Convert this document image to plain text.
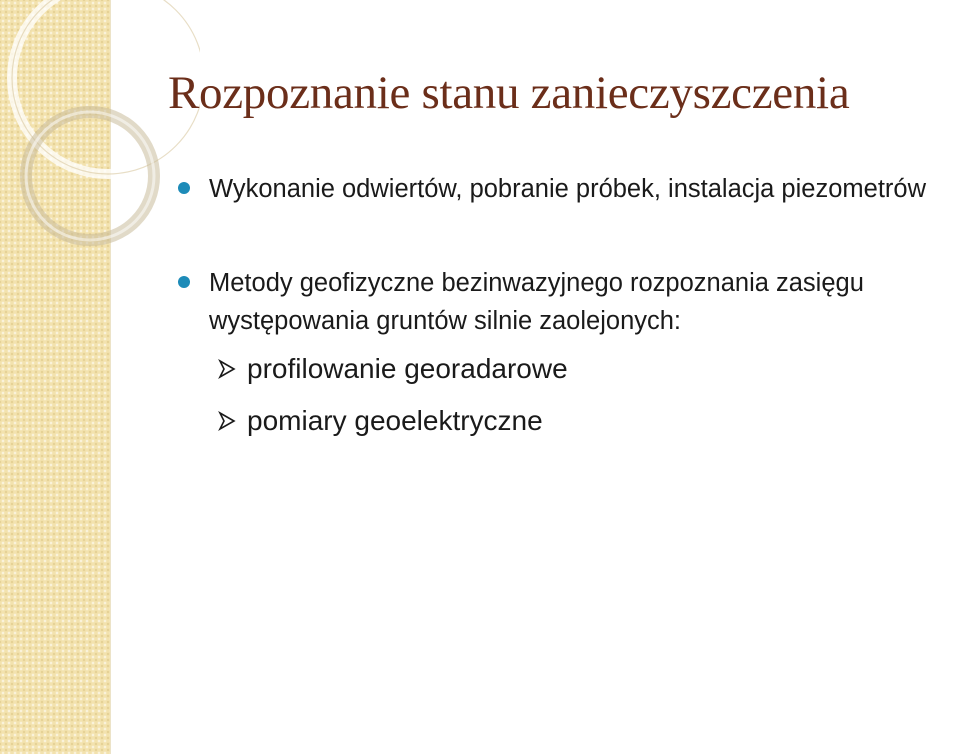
Rozpoznanie stanu zanieczyszczenia
Wykonanie odwiertów, pobranie próbek, instalacja piezometrów
Metody geofizyczne bezinwazyjnego rozpoznania zasięgu występowania gruntów silnie zaolejonych:
profilowanie georadarowe
pomiary geoelektryczne
